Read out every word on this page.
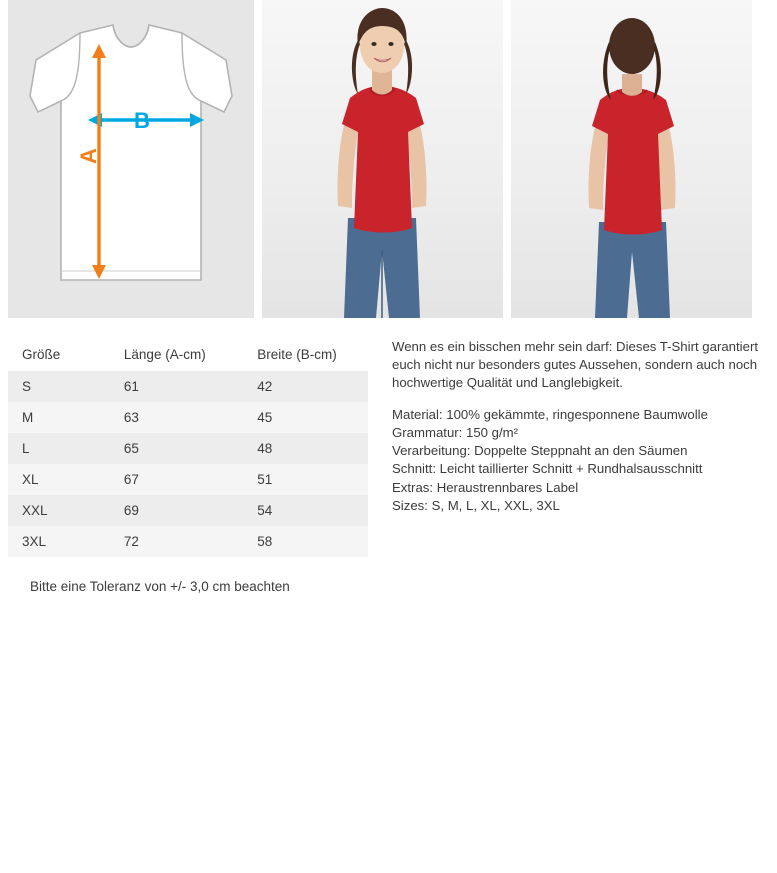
B
A
Größe	Länge (A-cm)	Breite (B-cm)
S	61	42
M	63	45
L	65	48
XL	67	51
XXL	69	54
3XL	72	58
Bitte eine Toleranz von +/- 3,0 cm beachten

Wenn es ein bisschen mehr sein darf: Dieses T-Shirt garantiert euch nicht nur besonders gutes Aussehen, sondern auch noch hochwertige Qualität und Langlebigkeit.

Material: 100% gekämmte, ringesponnene Baumwolle

Grammatur: 150 g/m²

Verarbeitung: Doppelte Steppnaht an den Säumen

Schnitt: Leicht taillierter Schnitt + Rundhalsausschnitt

Extras: Heraustrennbares Label

Sizes: S, M, L, XL, XXL, 3XL
